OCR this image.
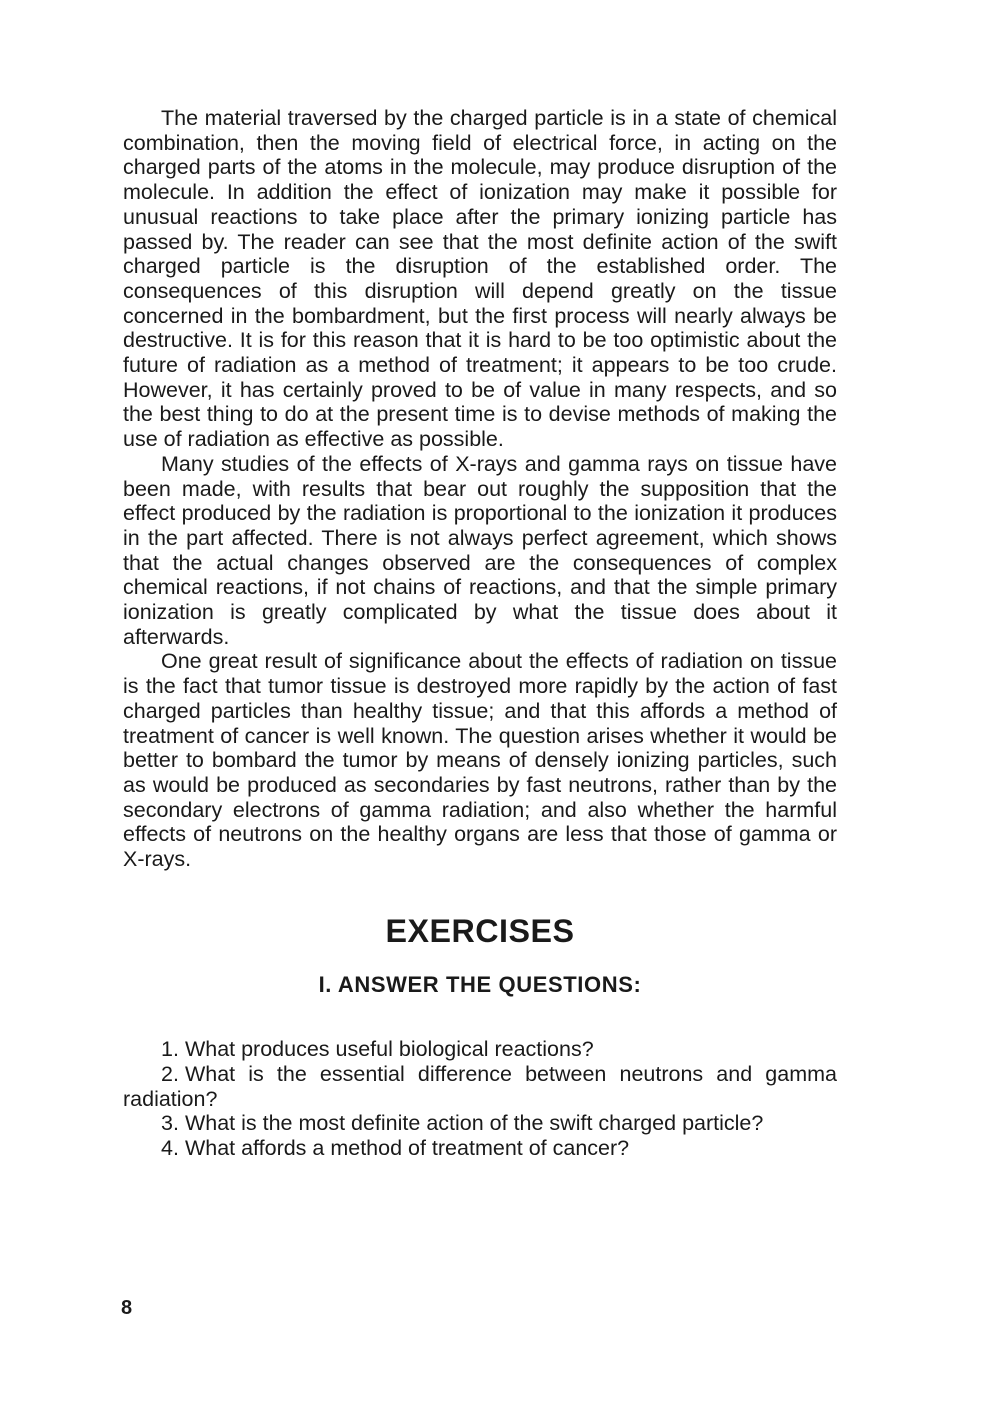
The material traversed by the charged particle is in a state of chemical combination, then the moving field of electrical force, in acting on the charged parts of the atoms in the molecule, may produce disruption of the molecule. In addition the effect of ionization may make it possible for unusual reactions to take place after the primary ionizing particle has passed by. The reader can see that the most definite action of the swift charged particle is the disruption of the established order. The consequences of this disruption will depend greatly on the tissue concerned in the bombardment, but the first process will nearly always be destructive. It is for this reason that it is hard to be too optimistic about the future of radiation as a method of treatment; it appears to be too crude. However, it has certainly proved to be of value in many respects, and so the best thing to do at the present time is to devise methods of making the use of radiation as effective as possible.

Many studies of the effects of X-rays and gamma rays on tissue have been made, with results that bear out roughly the supposition that the effect produced by the radiation is proportional to the ionization it produces in the part affected. There is not always perfect agreement, which shows that the actual changes observed are the consequences of complex chemical reactions, if not chains of reactions, and that the simple primary ionization is greatly complicated by what the tissue does about it afterwards.

One great result of significance about the effects of radiation on tissue is the fact that tumor tissue is destroyed more rapidly by the action of fast charged particles than healthy tissue; and that this affords a method of treatment of cancer is well known. The question arises whether it would be better to bombard the tumor by means of densely ionizing particles, such as would be produced as secondaries by fast neutrons, rather than by the secondary electrons of gamma radiation; and also whether the harmful effects of neutrons on the healthy organs are less that those of gamma or X-rays.

EXERCISES
I. ANSWER THE QUESTIONS:
1. What produces useful biological reactions?
2. What is the essential difference between neutrons and gamma radiation?
3. What is the most definite action of the swift charged particle?
4. What affords a method of treatment of cancer?
8
